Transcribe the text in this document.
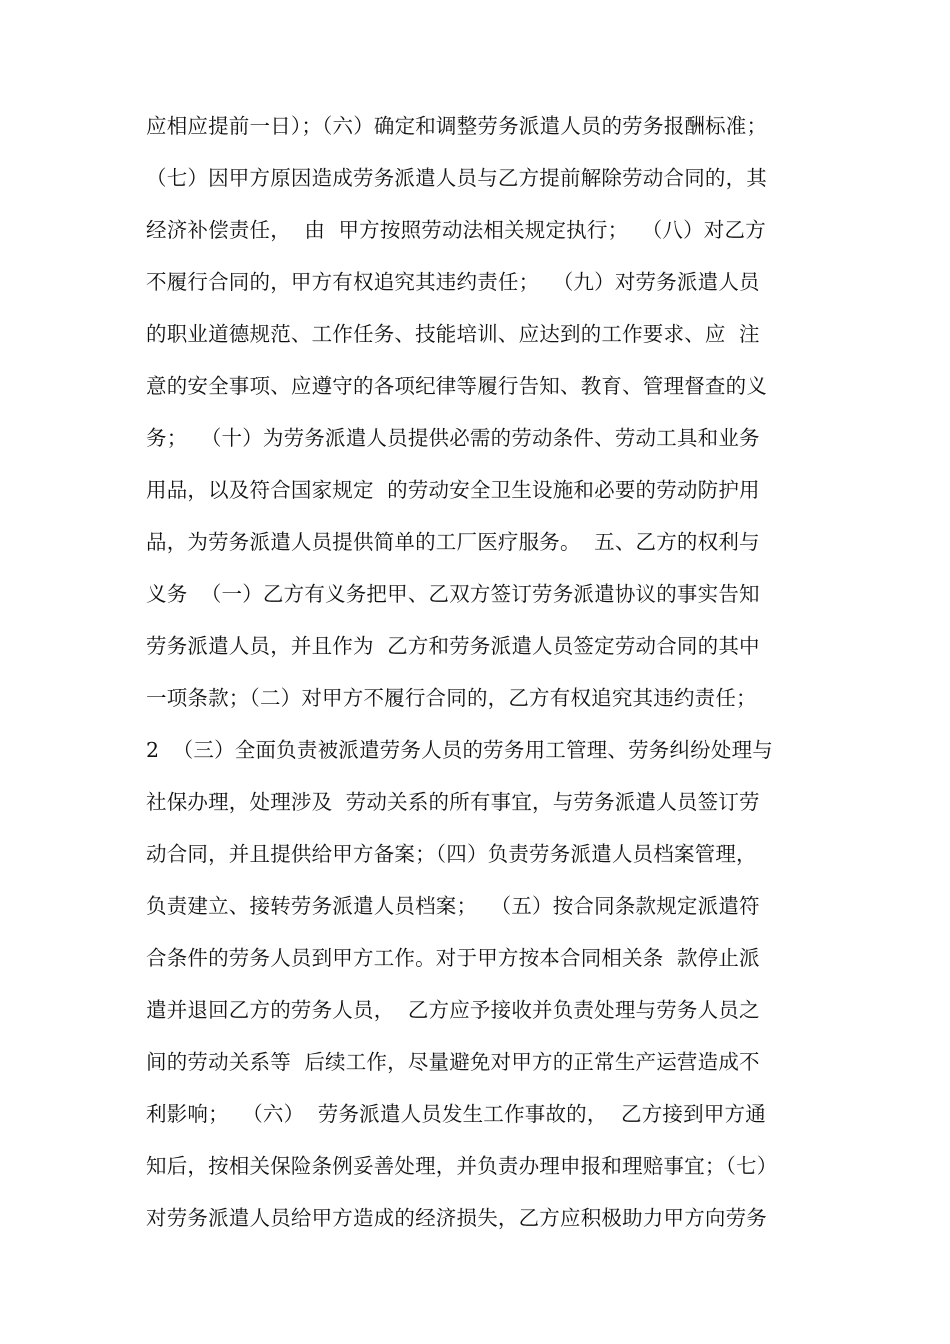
应相应提前一日）；（六）确定和调整劳务派遣人员的劳务报酬标准；
（七）因甲方原因造成劳务派遣人员与乙方提前解除劳动合同的，其
经济补偿责任，  由  甲方按照劳动法相关规定执行；  （八）对乙方
不履行合同的，甲方有权追究其违约责任；  （九）对劳务派遣人员
的职业道德规范、工作任务、技能培训、应达到的工作要求、应  注
意的安全事项、应遵守的各项纪律等履行告知、教育、管理督查的义
务；  （十）为劳务派遣人员提供必需的劳动条件、劳动工具和业务
用品，以及符合国家规定  的劳动安全卫生设施和必要的劳动防护用
品，为劳务派遣人员提供简单的工厂医疗服务。  五、乙方的权利与
义务  （一）乙方有义务把甲、乙双方签订劳务派遣协议的事实告知
劳务派遣人员，并且作为  乙方和劳务派遣人员签定劳动合同的其中
一项条款；（二）对甲方不履行合同的，乙方有权追究其违约责任；
2  （三）全面负责被派遣劳务人员的劳务用工管理、劳务纠纷处理与
社保办理，处理涉及  劳动关系的所有事宜，与劳务派遣人员签订劳
动合同，并且提供给甲方备案；（四）负责劳务派遣人员档案管理，
负责建立、接转劳务派遣人员档案；  （五）按合同条款规定派遣符
合条件的劳务人员到甲方工作。对于甲方按本合同相关条  款停止派
遣并退回乙方的劳务人员，  乙方应予接收并负责处理与劳务人员之
间的劳动关系等  后续工作，尽量避免对甲方的正常生产运营造成不
利影响；  （六）  劳务派遣人员发生工作事故的，  乙方接到甲方通
知后，按相关保险条例妥善处理，并负责办理申报和理赔事宜；（七）
对劳务派遣人员给甲方造成的经济损失，乙方应积极助力甲方向劳务
